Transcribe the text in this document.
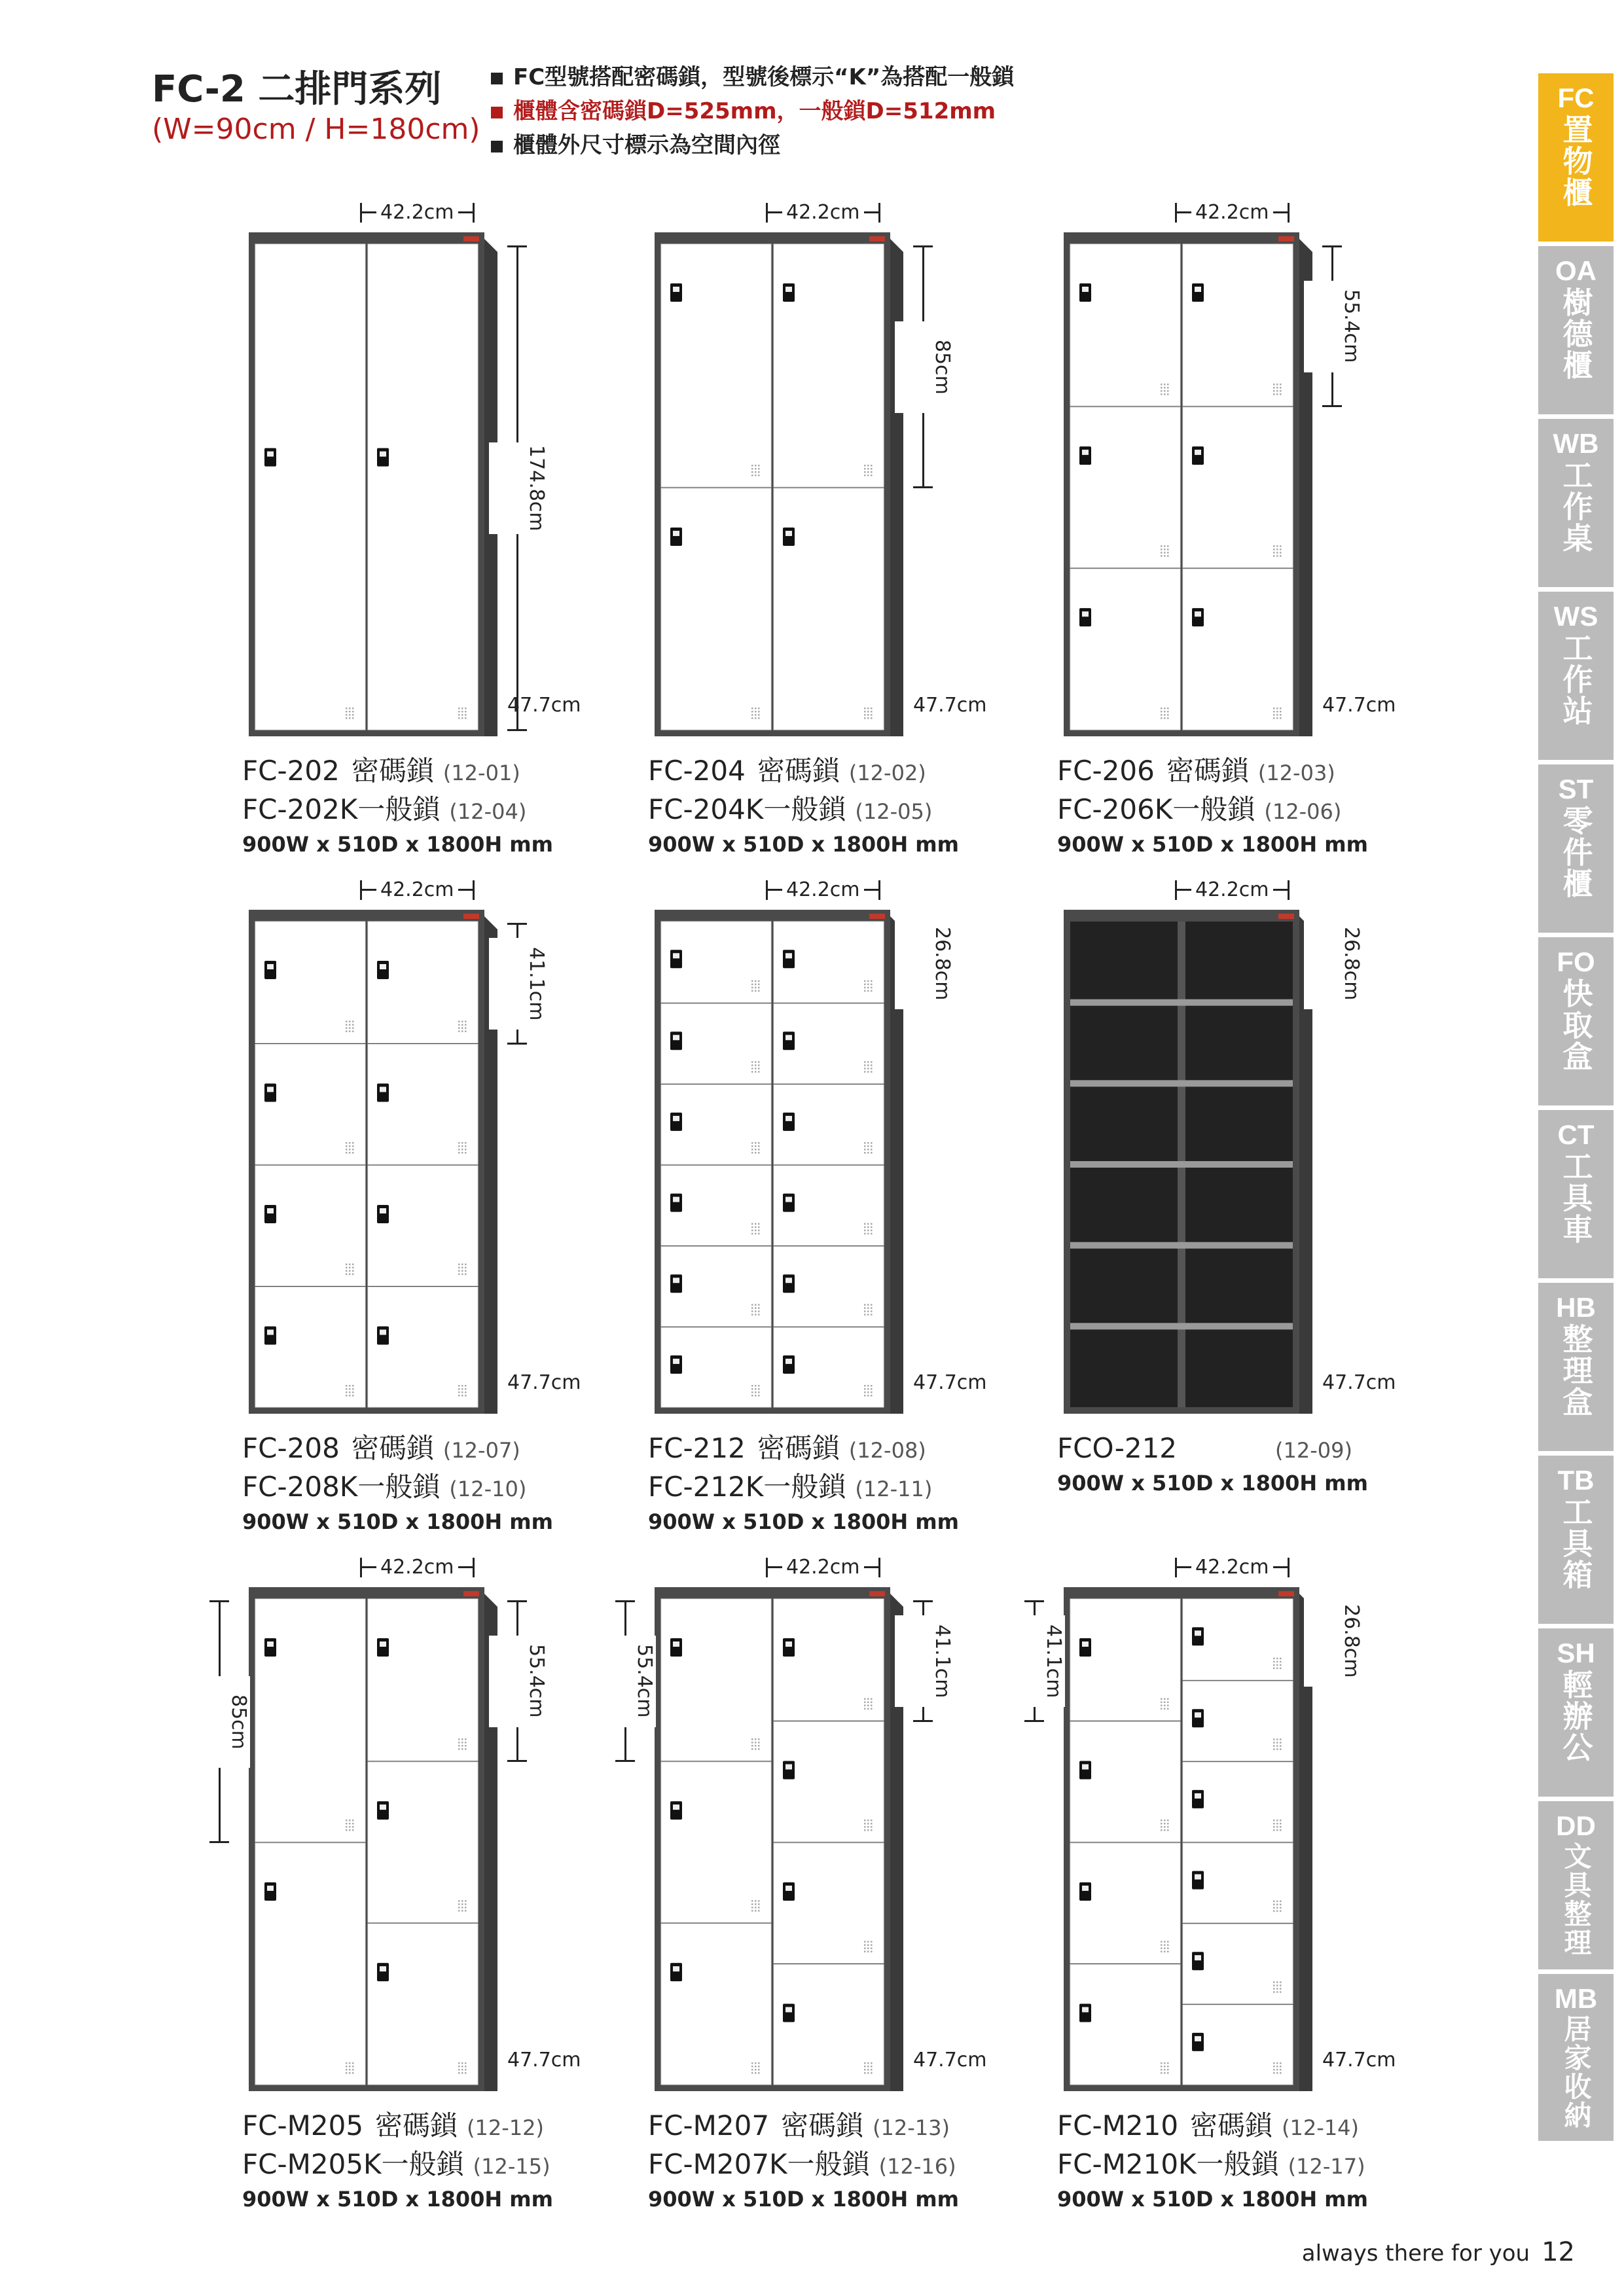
FC-2 二排門系列
(W=90cm / H=180cm)
FC型號搭配密碼鎖，型號後標示“K”為搭配一般鎖
櫃體含密碼鎖D=525mm，一般鎖D=512mm
櫃體外尺寸標示為空間內徑
FC
置物櫃
OA
樹德櫃
WB
工作桌
WS
工作站
ST
零件櫃
FO
快取盒
CT
工具車
HB
整理盒
TB
工具箱
SH
輕辦公
DD
文具整理
MB
居家收納
42.2cm
174.8cm
47.7cm
FC-202 密碼鎖 (12-01)
FC-202K一般鎖 (12-04)
900W x 510D x 1800H mm
42.2cm
85cm
47.7cm
FC-204 密碼鎖 (12-02)
FC-204K一般鎖 (12-05)
900W x 510D x 1800H mm
42.2cm
55.4cm
47.7cm
FC-206 密碼鎖 (12-03)
FC-206K一般鎖 (12-06)
900W x 510D x 1800H mm
42.2cm
41.1cm
47.7cm
FC-208 密碼鎖 (12-07)
FC-208K一般鎖 (12-10)
900W x 510D x 1800H mm
42.2cm
26.8cm
47.7cm
FC-212 密碼鎖 (12-08)
FC-212K一般鎖 (12-11)
900W x 510D x 1800H mm
42.2cm
26.8cm
47.7cm
FCO-212	(12-09)
900W x 510D x 1800H mm
42.2cm
55.4cm
85cm
47.7cm
FC-M205 密碼鎖 (12-12)
FC-M205K一般鎖 (12-15)
900W x 510D x 1800H mm
42.2cm
41.1cm
55.4cm
47.7cm
FC-M207 密碼鎖 (12-13)
FC-M207K一般鎖 (12-16)
900W x 510D x 1800H mm
42.2cm
26.8cm
41.1cm
47.7cm
FC-M210 密碼鎖 (12-14)
FC-M210K一般鎖 (12-17)
900W x 510D x 1800H mm
always there for you 12
